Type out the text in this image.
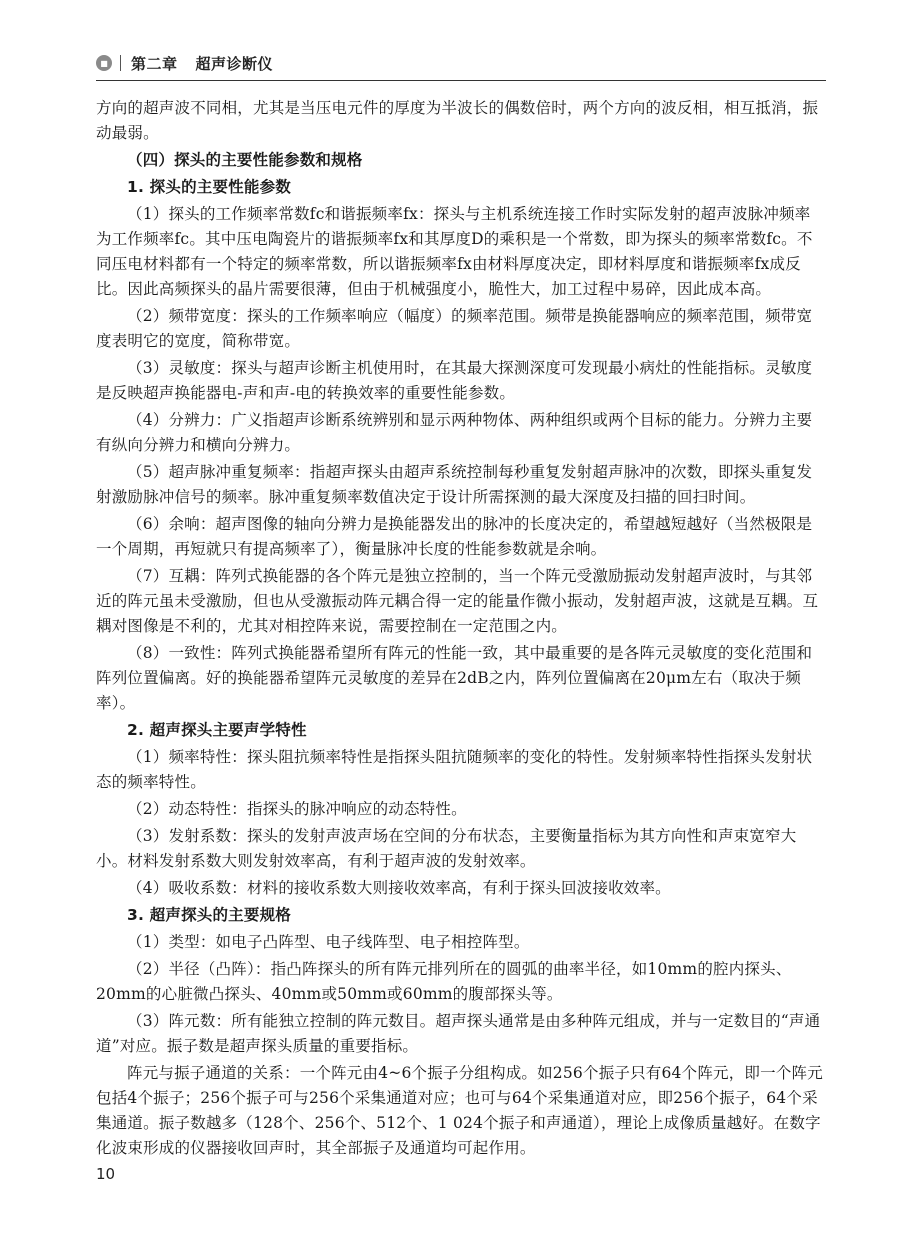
■ 第二章 超声诊断仪

方向的超声波不同相，尤其是当压电元件的厚度为半波长的偶数倍时，两个方向的波反相，相互抵消，振动最弱。

（四）探头的主要性能参数和规格
1. 探头的主要性能参数

（1）探头的工作频率常数fc和谐振频率fx：探头与主机系统连接工作时实际发射的超声波脉冲频率为工作频率fc。其中压电陶瓷片的谐振频率fx和其厚度D的乘积是一个常数，即为探头的频率常数fc。不同压电材料都有一个特定的频率常数，所以谐振频率fx由材料厚度决定，即材料厚度和谐振频率fx成反比。因此高频探头的晶片需要很薄，但由于机械强度小，脆性大，加工过程中易碎，因此成本高。

（2）频带宽度：探头的工作频率响应（幅度）的频率范围。频带是换能器响应的频率范围，频带宽度表明它的宽度，简称带宽。

（3）灵敏度：探头与超声诊断主机使用时，在其最大探测深度可发现最小病灶的性能指标。灵敏度是反映超声换能器电-声和声-电的转换效率的重要性能参数。

（4）分辨力：广义指超声诊断系统辨别和显示两种物体、两种组织或两个目标的能力。分辨力主要有纵向分辨力和横向分辨力。

（5）超声脉冲重复频率：指超声探头由超声系统控制每秒重复发射超声脉冲的次数，即探头重复发射激励脉冲信号的频率。脉冲重复频率数值决定于设计所需探测的最大深度及扫描的回扫时间。

（6）余响：超声图像的轴向分辨力是换能器发出的脉冲的长度决定的，希望越短越好（当然极限是一个周期，再短就只有提高频率了），衡量脉冲长度的性能参数就是余响。

（7）互耦：阵列式换能器的各个阵元是独立控制的，当一个阵元受激励振动发射超声波时，与其邻近的阵元虽未受激励，但也从受激振动阵元耦合得一定的能量作微小振动，发射超声波，这就是互耦。互耦对图像是不利的，尤其对相控阵来说，需要控制在一定范围之内。

（8）一致性：阵列式换能器希望所有阵元的性能一致，其中最重要的是各阵元灵敏度的变化范围和阵列位置偏离。好的换能器希望阵元灵敏度的差异在2dB之内，阵列位置偏离在20μm左右（取决于频率）。

2. 超声探头主要声学特性

（1）频率特性：探头阻抗频率特性是指探头阻抗随频率的变化的特性。发射频率特性指探头发射状态的频率特性。

（2）动态特性：指探头的脉冲响应的动态特性。

（3）发射系数：探头的发射声波声场在空间的分布状态，主要衡量指标为其方向性和声束宽窄大小。材料发射系数大则发射效率高，有利于超声波的发射效率。

（4）吸收系数：材料的接收系数大则接收效率高，有利于探头回波接收效率。

3. 超声探头的主要规格

（1）类型：如电子凸阵型、电子线阵型、电子相控阵型。

（2）半径（凸阵）：指凸阵探头的所有阵元排列所在的圆弧的曲率半径，如10mm的腔内探头、20mm的心脏微凸探头、40mm或50mm或60mm的腹部探头等。

（3）阵元数：所有能独立控制的阵元数目。超声探头通常是由多种阵元组成，并与一定数目的“声通道”对应。振子数是超声探头质量的重要指标。

阵元与振子通道的关系：一个阵元由4~6个振子分组构成。如256个振子只有64个阵元，即一个阵元包括4个振子；256个振子可与256个采集通道对应；也可与64个采集通道对应，即256个振子，64个采集通道。振子数越多（128个、256个、512个、1 024个振子和声通道），理论上成像质量越好。在数字化波束形成的仪器接收回声时，其全部振子及通道均可起作用。

10
